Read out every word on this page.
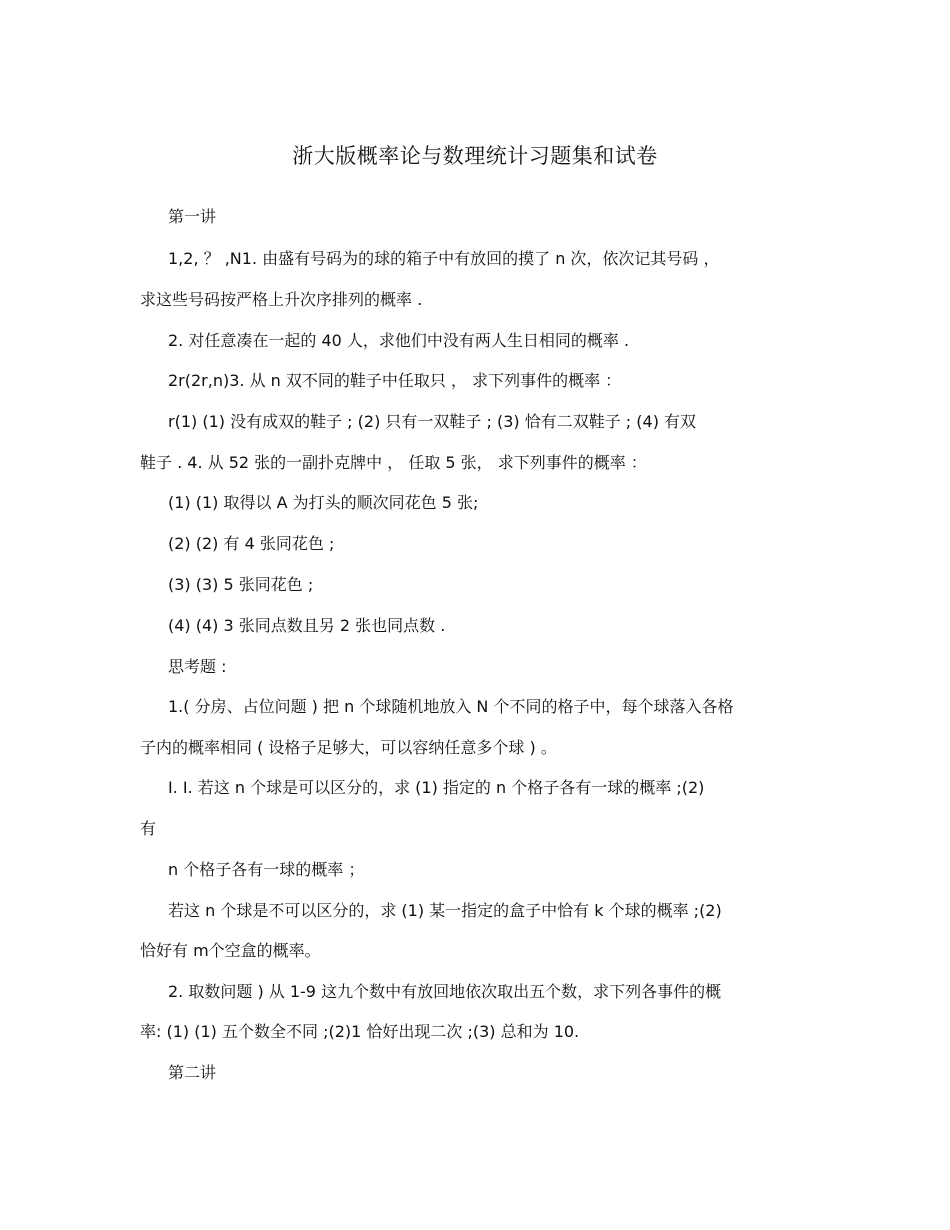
浙大版概率论与数理统计习题集和试卷
第一讲
1,2, ？ ,N1. 由盛有号码为的球的箱子中有放回的摸了 n 次，依次记其号码 ，
求这些号码按严格上升次序排列的概率 .
2. 对任意凑在一起的 40 人，求他们中没有两人生日相同的概率 .
2r(2r,n)3. 从 n 双不同的鞋子中任取只 ， 求下列事件的概率 ：
r(1) (1) 没有成双的鞋子 ; (2) 只有一双鞋子 ; (3) 恰有二双鞋子 ; (4) 有双
鞋子 . 4. 从 52 张的一副扑克牌中 ， 任取 5 张， 求下列事件的概率 ：
(1) (1) 取得以 A 为打头的顺次同花色 5 张;
(2) (2) 有 4 张同花色 ;
(3) (3) 5 张同花色 ;
(4) (4) 3 张同点数且另 2 张也同点数 .
思考题 :
1.( 分房、占位问题 ) 把 n 个球随机地放入 N 个不同的格子中，每个球落入各格
子内的概率相同 ( 设格子足够大，可以容纳任意多个球 ) 。
I. I. 若这 n 个球是可以区分的，求 (1) 指定的 n 个格子各有一球的概率 ;(2)
有
n 个格子各有一球的概率 ；
若这 n 个球是不可以区分的，求 (1) 某一指定的盒子中恰有 k 个球的概率 ;(2)
恰好有 m个空盒的概率。
2. 取数问题 ) 从 1-9 这九个数中有放回地依次取出五个数，求下列各事件的概
率: (1) (1) 五个数全不同 ;(2)1 恰好出现二次 ;(3) 总和为 10.
第二讲
